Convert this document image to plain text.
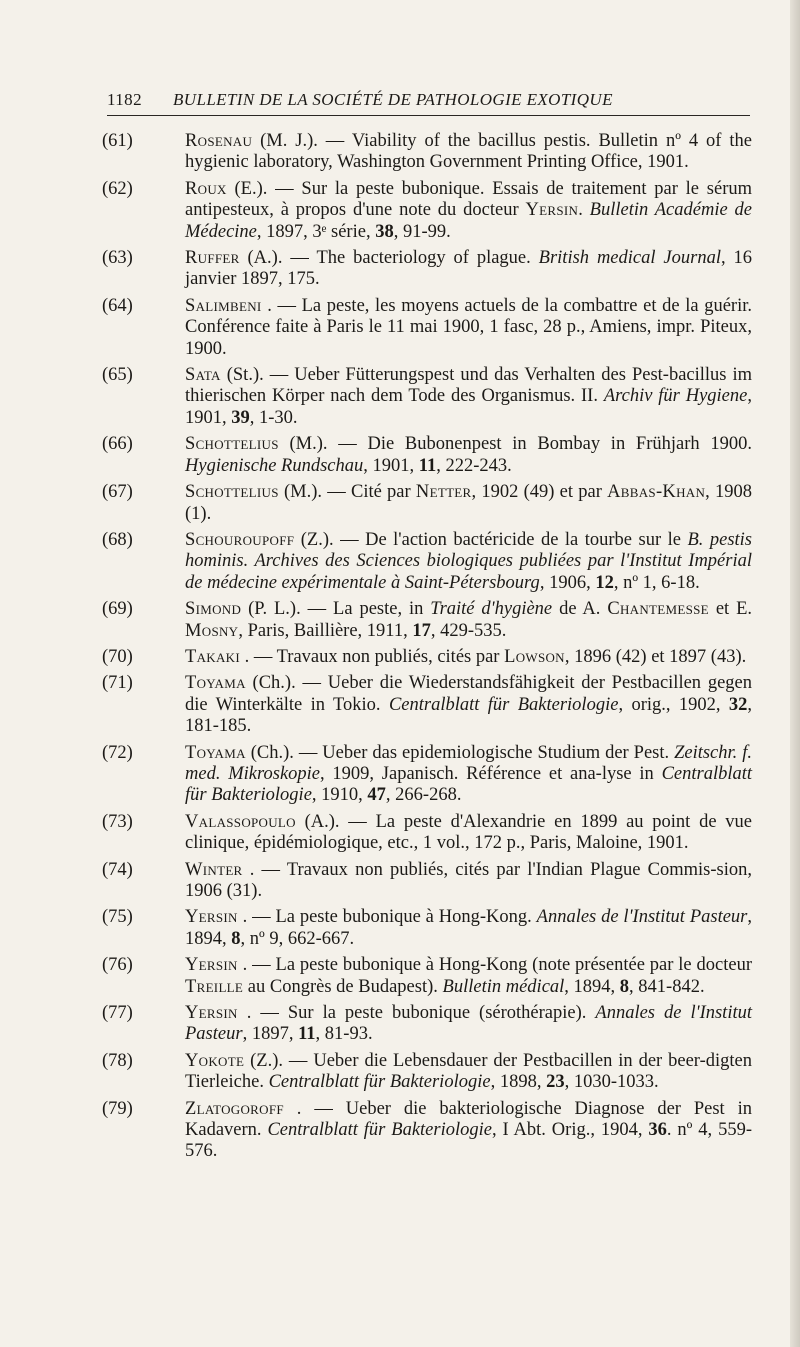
1182 BULLETIN DE LA SOCIÉTÉ DE PATHOLOGIE EXOTIQUE
(61)	Rosenau (M. J.). — Viability of the bacillus pestis. Bulletin nº 4 of the hygienic laboratory, Washington Government Printing Office, 1901.
(62)	Roux (E.). — Sur la peste bubonique. Essais de traitement par le sérum antipesteux, à propos d'une note du docteur Yersin. Bulletin Académie de Médecine, 1897, 3ᵉ série, 38, 91-99.
(63)	Ruffer (A.). — The bacteriology of plague. British medical Journal, 16 janvier 1897, 175.
(64)	Salimbeni . — La peste, les moyens actuels de la combattre et de la guérir. Conférence faite à Paris le 11 mai 1900, 1 fasc, 28 p., Amiens, impr. Piteux, 1900.
(65)	Sata (St.). — Ueber Fütterungspest und das Verhalten des Pest-bacillus im thierischen Körper nach dem Tode des Organismus. II. Archiv für Hygiene, 1901, 39, 1-30.
(66)	Schottelius (M.). — Die Bubonenpest in Bombay in Frühjarh 1900. Hygienische Rundschau, 1901, 11, 222-243.
(67)	Schottelius (M.). — Cité par Netter, 1902 (49) et par Abbas-Khan, 1908 (1).
(68)	Schouroupoff (Z.). — De l'action bactéricide de la tourbe sur le B. pestis hominis. Archives des Sciences biologiques publiées par l'Institut Impérial de médecine expérimentale à Saint-Pétersbourg, 1906, 12, nº 1, 6-18.
(69)	Simond (P. L.). — La peste, in Traité d'hygiène de A. Chantemesse et E. Mosny, Paris, Baillière, 1911, 17, 429-535.
(70)	Takaki . — Travaux non publiés, cités par Lowson, 1896 (42) et 1897 (43).
(71)	Toyama (Ch.). — Ueber die Wiederstandsfähigkeit der Pestbacillen gegen die Winterkälte in Tokio. Centralblatt für Bakteriologie, orig., 1902, 32, 181-185.
(72)	Toyama (Ch.). — Ueber das epidemiologische Studium der Pest. Zeitschr. f. med. Mikroskopie, 1909, Japanisch. Référence et ana-lyse in Centralblatt für Bakteriologie, 1910, 47, 266-268.
(73)	Valassopoulo (A.). — La peste d'Alexandrie en 1899 au point de vue clinique, épidémiologique, etc., 1 vol., 172 p., Paris, Maloine, 1901.
(74)	Winter . — Travaux non publiés, cités par l'Indian Plague Commis-sion, 1906 (31).
(75)	Yersin . — La peste bubonique à Hong-Kong. Annales de l'Institut Pasteur, 1894, 8, nº 9, 662-667.
(76)	Yersin . — La peste bubonique à Hong-Kong (note présentée par le docteur Treille au Congrès de Budapest). Bulletin médical, 1894, 8, 841-842.
(77)	Yersin . — Sur la peste bubonique (sérothérapie). Annales de l'Institut Pasteur, 1897, 11, 81-93.
(78)	Yokote (Z.). — Ueber die Lebensdauer der Pestbacillen in der beer-digten Tierleiche. Centralblatt für Bakteriologie, 1898, 23, 1030-1033.
(79)	Zlatogoroff . — Ueber die bakteriologische Diagnose der Pest in Kadavern. Centralblatt für Bakteriologie, I Abt. Orig., 1904, 36. nº 4, 559-576.
